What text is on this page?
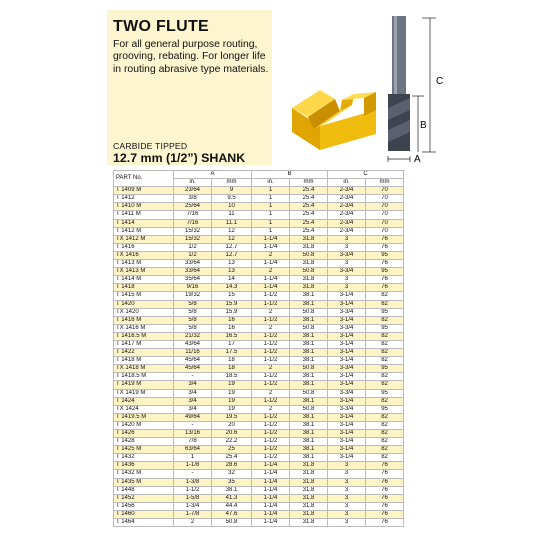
TWO FLUTE

For all general purpose routing, grooving, rebating. For longer life in routing abrasive type materials.

CARBIDE TIPPED

12.7 mm (1/2”) SHANK

C
B
A
PART No.	A		B		C	
	in.	mm	in.	mm	in.	mm
T 1409 M	23/64	9	1	25.4	2-3/4	70
T 1412	3/8	9.5	1	25.4	2-3/4	70
T 1410 M	25/64	10	1	25.4	2-3/4	70
T 1411 M	7/16	11	1	25.4	2-3/4	70
T 1414	7/16	11.1	1	25.4	2-3/4	70
T 1412 M	15/32	12	1	25.4	2-3/4	70
TX 1412 M	15/32	12	1-1/4	31.8	3	76
T 1416	1/2	12.7	1-1/4	31.8	3	76
TX 1416	1/2	12.7	2	50.8	3-3/4	95
T 1413 M	33/64	13	1-1/4	31.8	3	76
TX 1413 M	33/64	13	2	50.8	3-3/4	95
T 1414 M	35/64	14	1-1/4	31.8	3	76
T 1418	9/16	14.3	1-1/4	31.8	3	76
T 1415 M	19/32	15	1-1/2	38.1	3-1/4	82
T 1420	5/8	15.9	1-1/2	38.1	3-1/4	82
TX 1420	5/8	15.9	2	50.8	3-3/4	95
T 1416 M	5/8	16	1-1/2	38.1	3-1/4	82
TX 1416 M	5/8	16	2	50.8	3-3/4	95
T 1416.5 M	21/32	16.5	1-1/2	38.1	3-1/4	82
T 1417 M	43/64	17	1-1/2	38.1	3-1/4	82
T 1422	11/16	17.5	1-1/2	38.1	3-1/4	82
T 1418 M	45/64	18	1-1/2	38.1	3-1/4	82
TX 1418 M	45/64	18	2	50.8	3-3/4	95
T 1418.5 M	-	18.5	1-1/2	38.1	3-1/4	82
T 1419 M	3/4	19	1-1/2	38.1	3-1/4	82
TX 1419 M	3/4	19	2	50.8	3-3/4	95
T 1424	3/4	19	1-1/2	38.1	3-1/4	82
TX 1424	3/4	19	2	50.8	3-3/4	95
T 1419.5 M	49/64	19.5	1-1/2	38.1	3-1/4	82
T 1420 M	-	20	1-1/2	38.1	3-1/4	82
T 1426	13/16	20.6	1-1/2	38.1	3-1/4	82
T 1428	7/8	22.2	1-1/2	38.1	3-1/4	82
T 1425 M	63/64	25	1-1/2	38.1	3-1/4	82
T 1432	1	25.4	1-1/2	38.1	3-1/4	82
T 1436	1-1/8	28.6	1-1/4	31.8	3	76
T 1432 M	-	32	1-1/4	31.8	3	76
T 1435 M	1-3/8	35	1-1/4	31.8	3	76
T 1448	1-1/2	38.1	1-1/4	31.8	3	76
T 1452	1-5/8	41.3	1-1/4	31.8	3	76
T 1456	1-3/4	44.4	1-1/4	31.8	3	76
T 1460	1-7/8	47.6	1-1/4	31.8	3	76
T 1464	2	50.8	1-1/4	31.8	3	76
